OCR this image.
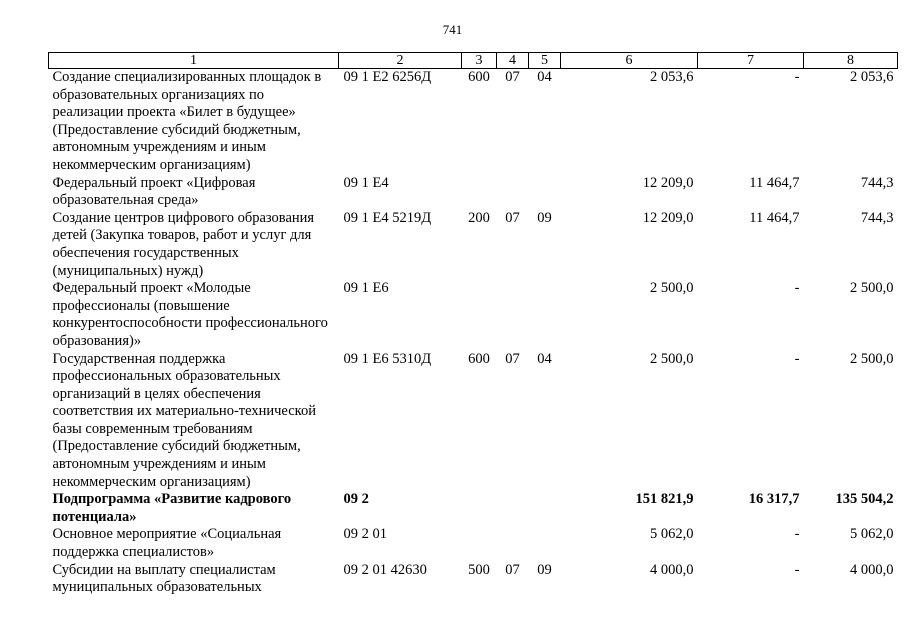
741
1	2	3	4	5	6	7	8
Создание специализированных площадок в образовательных организациях по реализации проекта «Билет в будущее» (Предоставление субсидий бюджетным, автономным учреждениям и иным некоммерческим организациям)	09 1 E2 6256Д	600	07	04	2 053,6	-	2 053,6
Федеральный проект «Цифровая образовательная среда»	09 1 E4				12 209,0	11 464,7	744,3
Создание центров цифрового образования детей (Закупка товаров, работ и услуг для обеспечения государственных (муниципальных) нужд)	09 1 E4 5219Д	200	07	09	12 209,0	11 464,7	744,3
Федеральный проект «Молодые профессионалы (повышение конкурентоспособности профессионального образования)»	09 1 E6				2 500,0	-	2 500,0
Государственная поддержка профессиональных образовательных организаций в целях обеспечения соответствия их материально-технической базы современным требованиям (Предоставление субсидий бюджетным, автономным учреждениям и иным некоммерческим организациям)	09 1 E6 5310Д	600	07	04	2 500,0	-	2 500,0
Подпрограмма «Развитие кадрового потенциала»	09 2				151 821,9	16 317,7	135 504,2
Основное мероприятие «Социальная поддержка специалистов»	09 2 01				5 062,0	-	5 062,0
Субсидии на выплату специалистам муниципальных образовательных	09 2 01 42630	500	07	09	4 000,0	-	4 000,0
